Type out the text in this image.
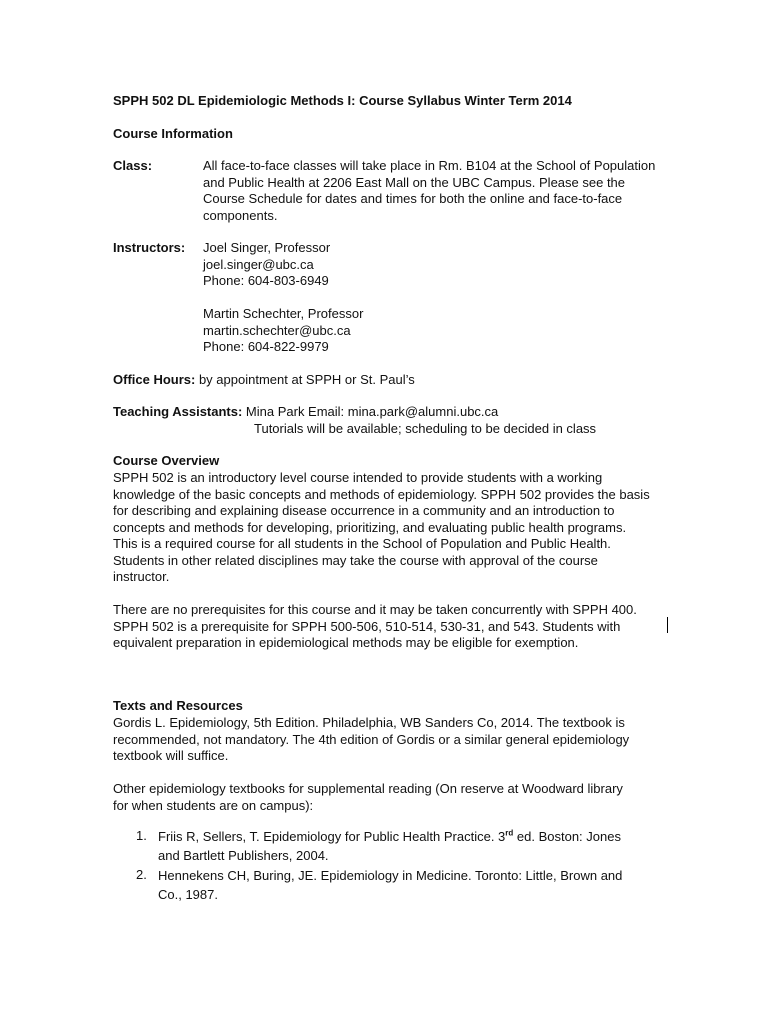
SPPH 502 DL Epidemiologic Methods I: Course Syllabus Winter Term 2014
Course Information
Class:	All face-to-face classes will take place in Rm. B104 at the School of Population and Public Health at 2206 East Mall on the UBC Campus. Please see the Course Schedule for dates and times for both the online and face-to-face components.
Instructors: Joel Singer, Professor
joel.singer@ubc.ca
Phone: 604-803-6949
Martin Schechter, Professor
martin.schechter@ubc.ca
Phone: 604-822-9979
Office Hours: by appointment at SPPH or St. Paul’s
Teaching Assistants: Mina Park Email: mina.park@alumni.ubc.ca
Tutorials will be available; scheduling to be decided in class
Course Overview
SPPH 502 is an introductory level course intended to provide students with a working knowledge of the basic concepts and methods of epidemiology. SPPH 502 provides the basis for describing and explaining disease occurrence in a community and an introduction to concepts and methods for developing, prioritizing, and evaluating public health programs. This is a required course for all students in the School of Population and Public Health. Students in other related disciplines may take the course with approval of the course instructor.
There are no prerequisites for this course and it may be taken concurrently with SPPH 400. SPPH 502 is a prerequisite for SPPH 500-506, 510-514, 530-31, and 543. Students with equivalent preparation in epidemiological methods may be eligible for exemption.
Texts and Resources
Gordis L. Epidemiology, 5th Edition. Philadelphia, WB Sanders Co, 2014. The textbook is recommended, not mandatory. The 4th edition of Gordis or a similar general epidemiology textbook will suffice.
Other epidemiology textbooks for supplemental reading (On reserve at Woodward library for when students are on campus):
1. Friis R, Sellers, T. Epidemiology for Public Health Practice. 3rd ed. Boston: Jones and Bartlett Publishers, 2004.
2. Hennekens CH, Buring, JE. Epidemiology in Medicine. Toronto: Little, Brown and Co., 1987.
